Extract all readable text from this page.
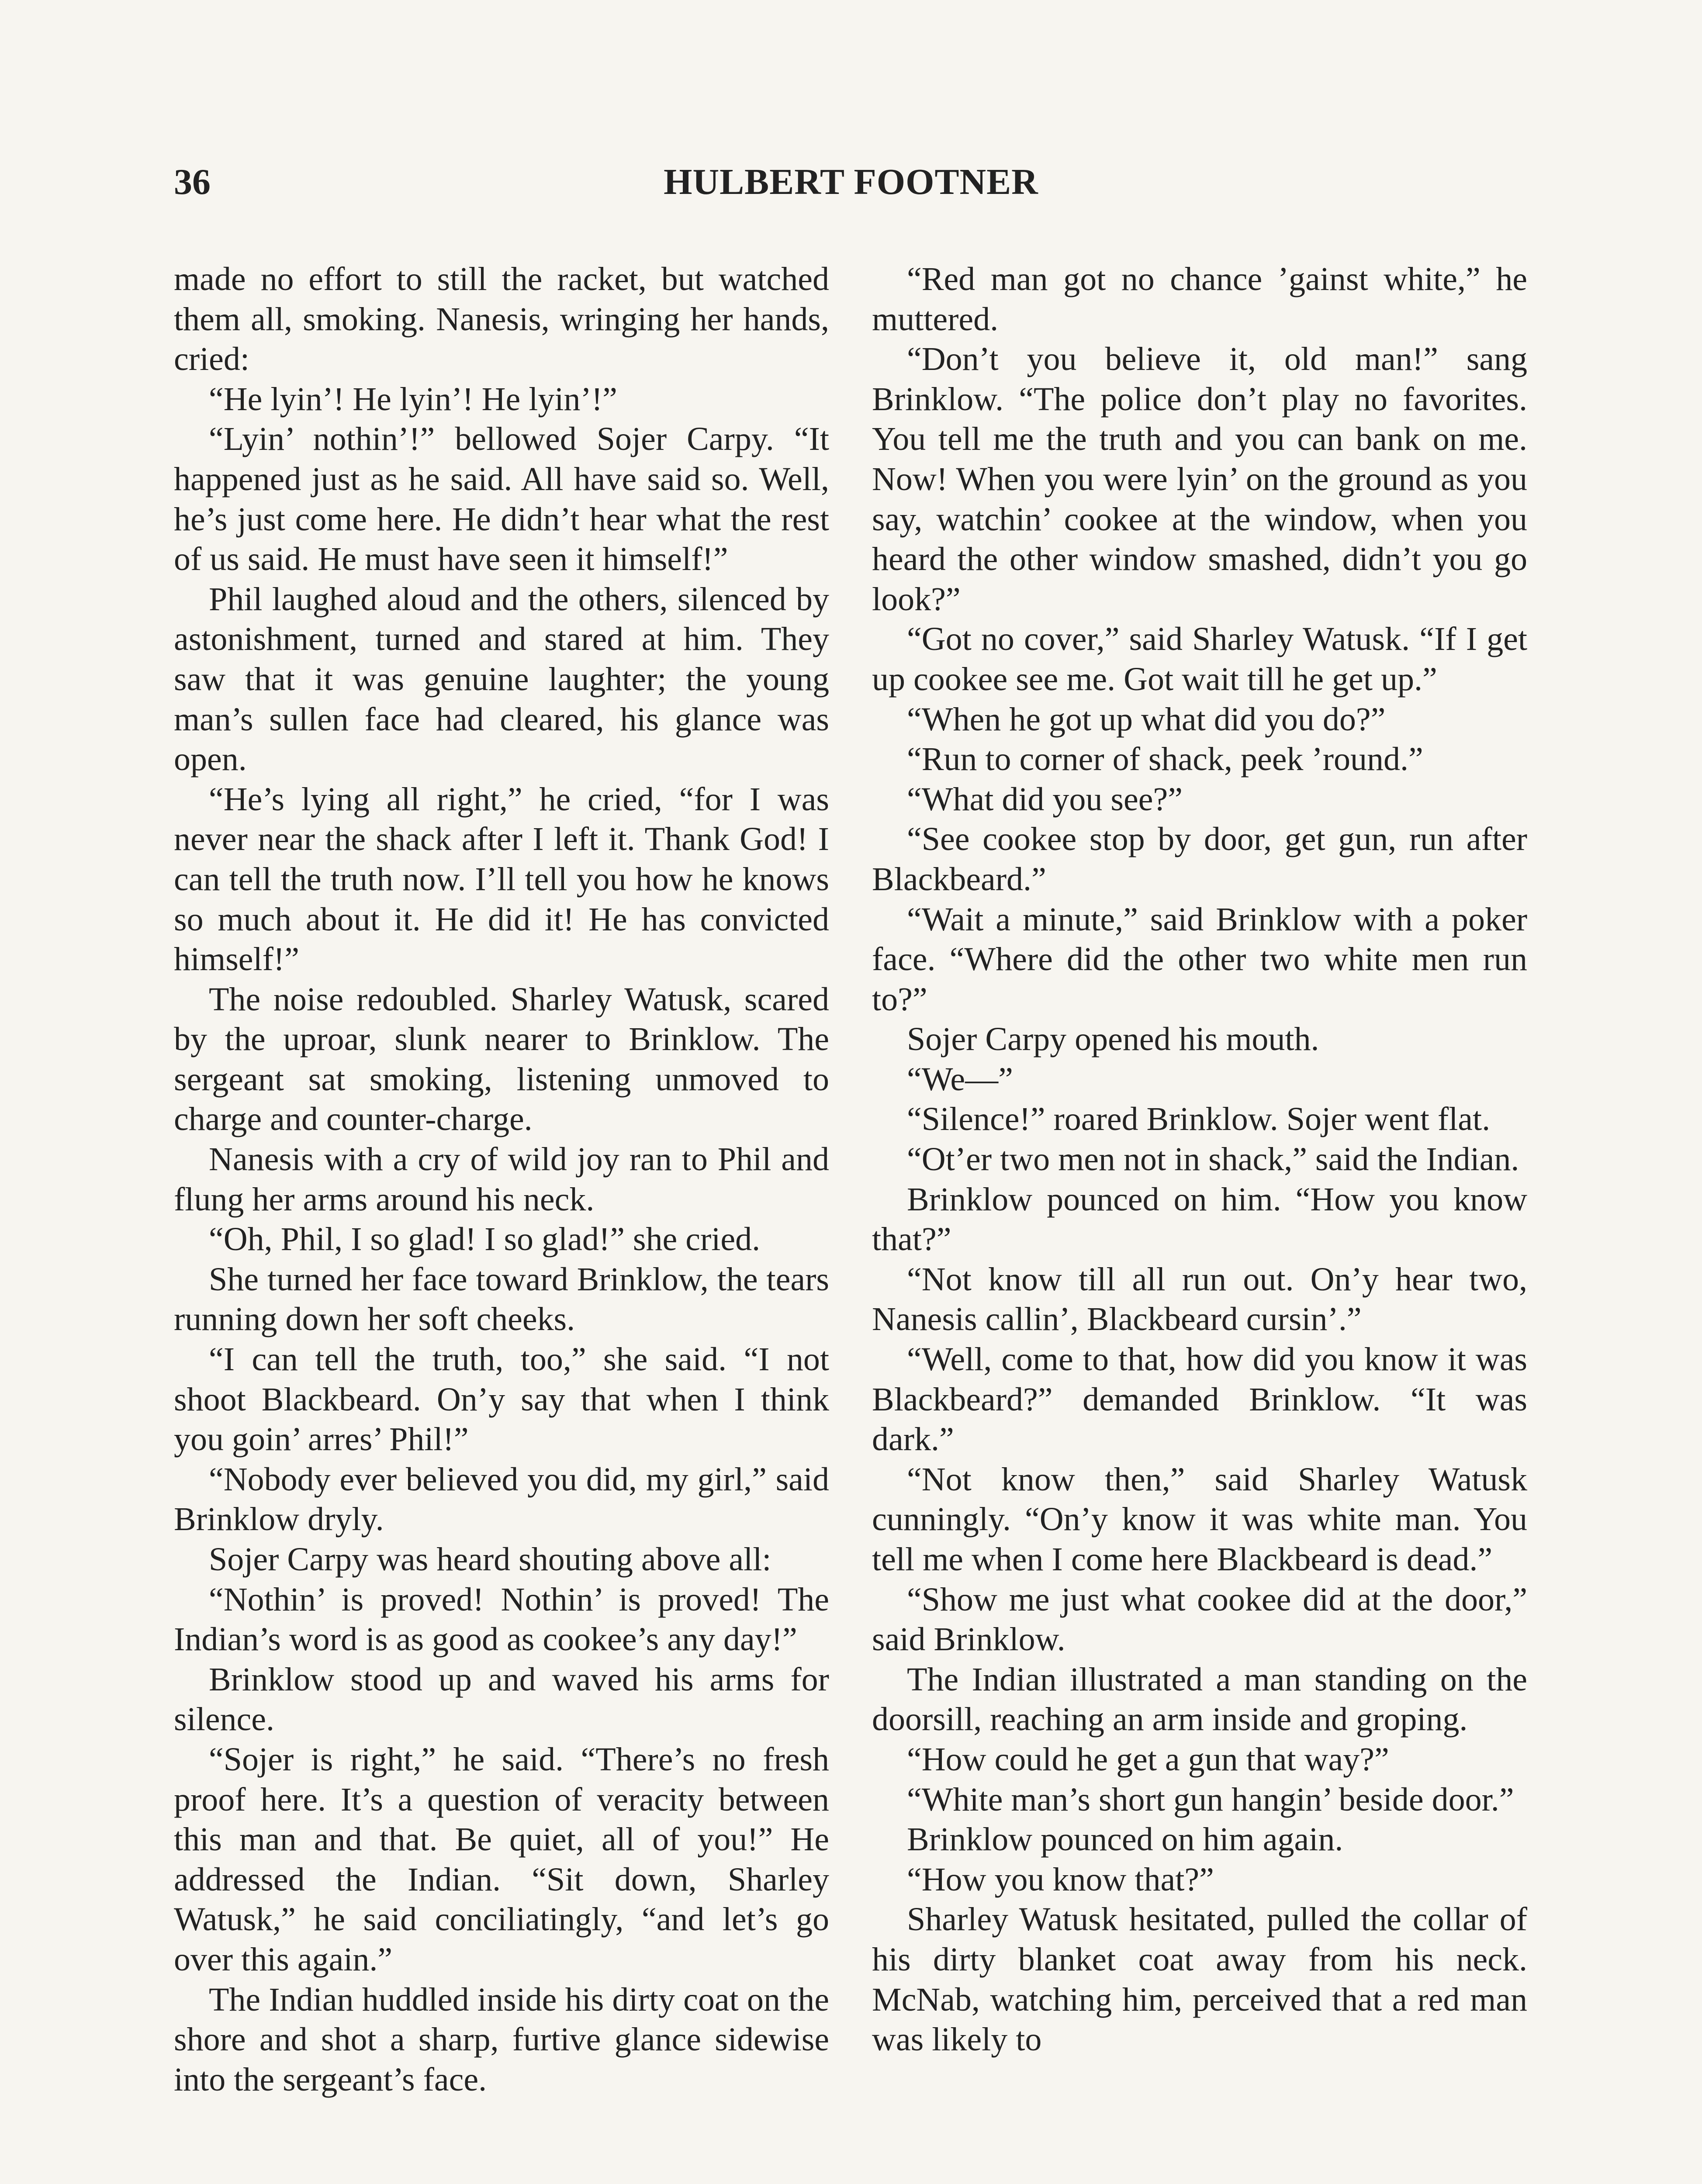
36	HULBERT FOOTNER

made no effort to still the racket, but watched them all, smoking. Nanesis, wringing her hands, cried:

“He lyin’! He lyin’! He lyin’!”

“Lyin’ nothin’!” bellowed Sojer Carpy. “It happened just as he said. All have said so. Well, he’s just come here. He didn’t hear what the rest of us said. He must have seen it himself!”

Phil laughed aloud and the others, silenced by astonishment, turned and stared at him. They saw that it was genuine laughter; the young man’s sullen face had cleared, his glance was open.

“He’s lying all right,” he cried, “for I was never near the shack after I left it. Thank God! I can tell the truth now. I’ll tell you how he knows so much about it. He did it! He has convicted himself!”

The noise redoubled. Sharley Watusk, scared by the uproar, slunk nearer to Brinklow. The sergeant sat smoking, listening unmoved to charge and counter-charge.

Nanesis with a cry of wild joy ran to Phil and flung her arms around his neck.

“Oh, Phil, I so glad! I so glad!” she cried.

She turned her face toward Brinklow, the tears running down her soft cheeks.

“I can tell the truth, too,” she said. “I not shoot Blackbeard. On’y say that when I think you goin’ arres’ Phil!”

“Nobody ever believed you did, my girl,” said Brinklow dryly.

Sojer Carpy was heard shouting above all:

“Nothin’ is proved! Nothin’ is proved! The Indian’s word is as good as cookee’s any day!”

Brinklow stood up and waved his arms for silence.

“Sojer is right,” he said. “There’s no fresh proof here. It’s a question of veracity between this man and that. Be quiet, all of you!” He addressed the Indian. “Sit down, Sharley Watusk,” he said conciliatingly, “and let’s go over this again.”

The Indian huddled inside his dirty coat on the shore and shot a sharp, furtive glance sidewise into the sergeant’s face.

“Red man got no chance ’gainst white,” he muttered.

“Don’t you believe it, old man!” sang Brinklow. “The police don’t play no favorites. You tell me the truth and you can bank on me. Now! When you were lyin’ on the ground as you say, watchin’ cookee at the window, when you heard the other window smashed, didn’t you go look?”

“Got no cover,” said Sharley Watusk. “If I get up cookee see me. Got wait till he get up.”

“When he got up what did you do?”

“Run to corner of shack, peek ’round.”

“What did you see?”

“See cookee stop by door, get gun, run after Blackbeard.”

“Wait a minute,” said Brinklow with a poker face. “Where did the other two white men run to?”

Sojer Carpy opened his mouth.

“We—”

“Silence!” roared Brinklow. Sojer went flat.

“Ot’er two men not in shack,” said the Indian.

Brinklow pounced on him. “How you know that?”

“Not know till all run out. On’y hear two, Nanesis callin’, Blackbeard cursin’.”

“Well, come to that, how did you know it was Blackbeard?” demanded Brinklow. “It was dark.”

“Not know then,” said Sharley Watusk cunningly. “On’y know it was white man. You tell me when I come here Blackbeard is dead.”

“Show me just what cookee did at the door,” said Brinklow.

The Indian illustrated a man standing on the doorsill, reaching an arm inside and groping.

“How could he get a gun that way?”

“White man’s short gun hangin’ beside door.”

Brinklow pounced on him again.

“How you know that?”

Sharley Watusk hesitated, pulled the collar of his dirty blanket coat away from his neck. McNab, watching him, perceived that a red man was likely to
